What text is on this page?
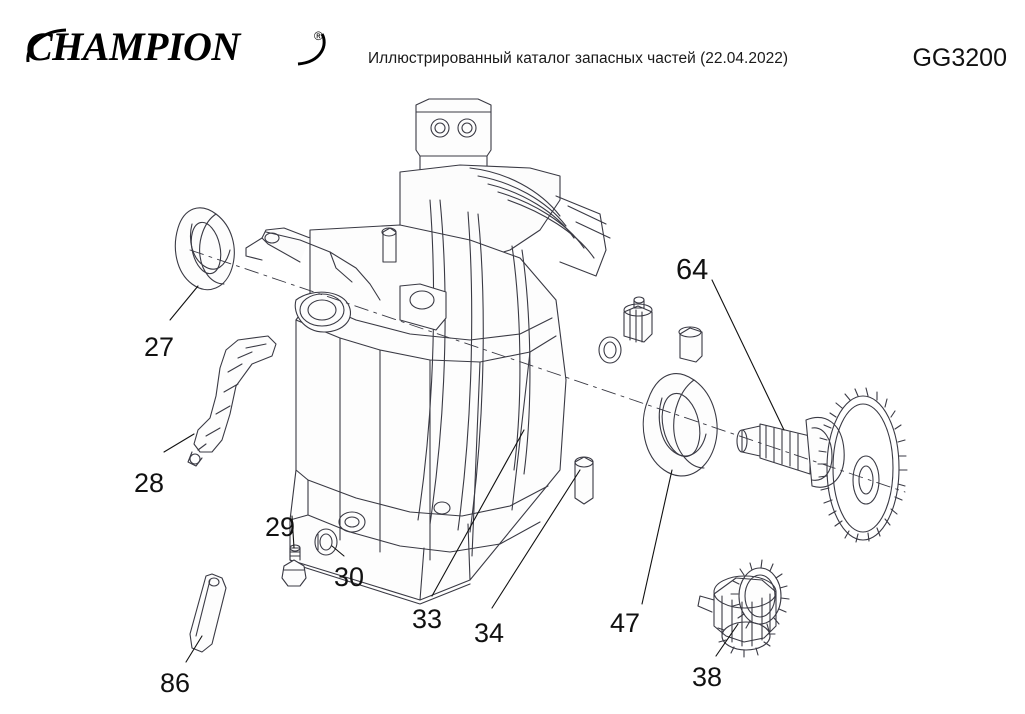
CHAMPION	®
Иллюстрированный каталог запасных частей (22.04.2022)	GG3200
27
28
29
30
33 34
38
47
64
86
